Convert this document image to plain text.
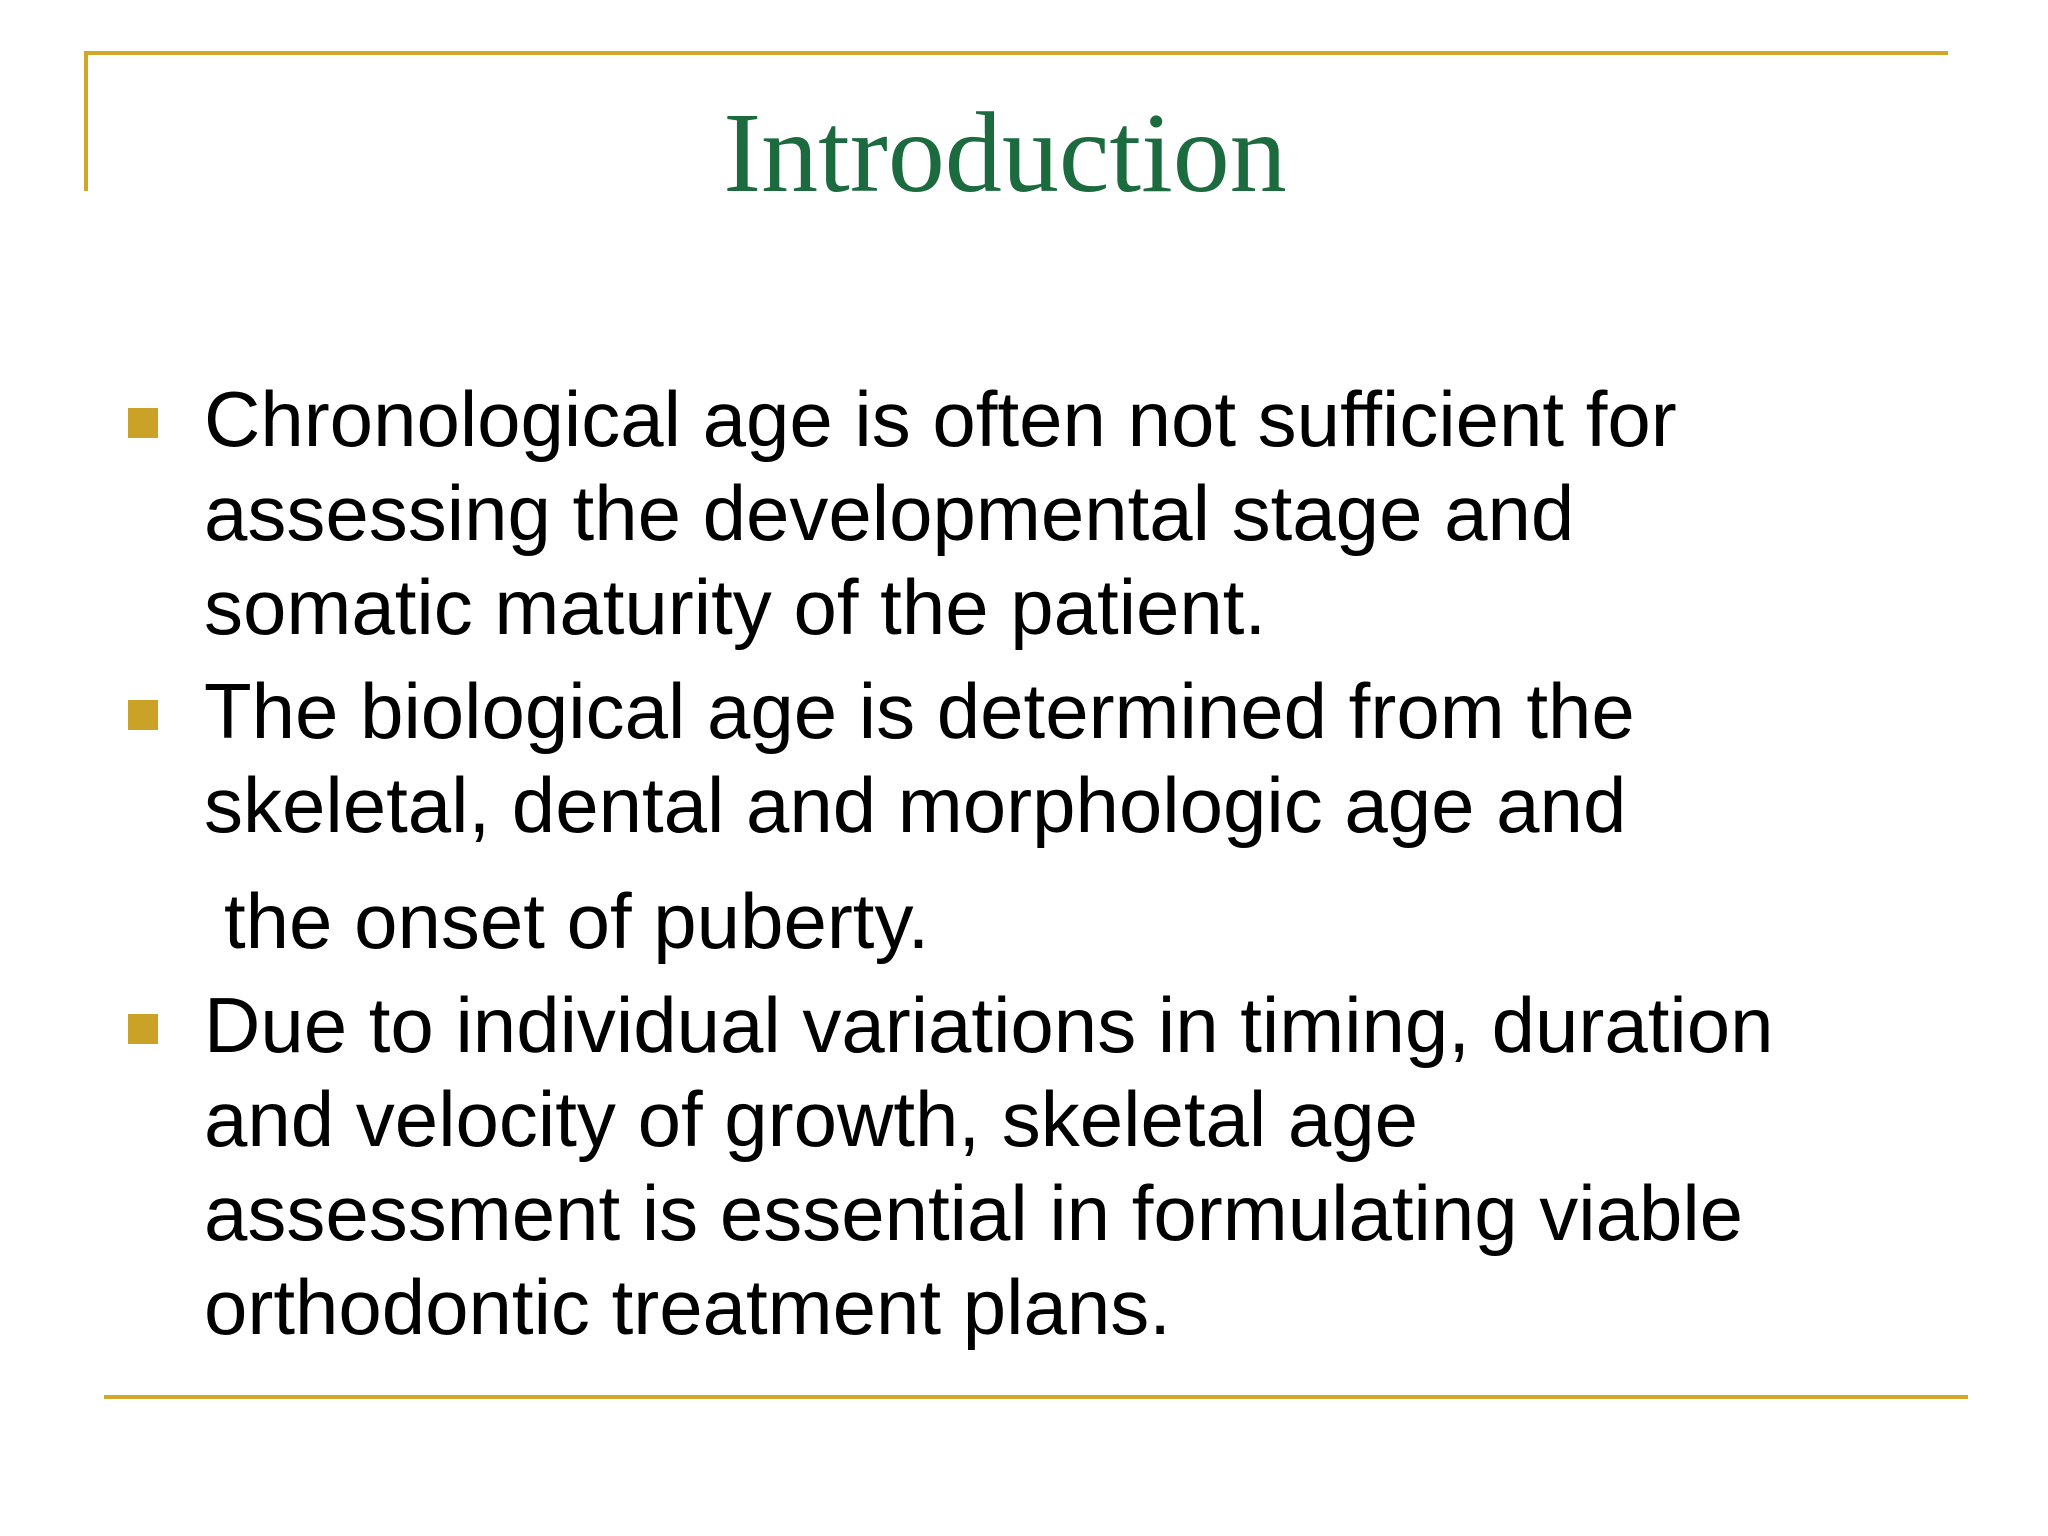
Introduction
Chronological age is often not sufficient for
assessing the developmental stage and
somatic maturity of the patient.
The biological age is determined from the
skeletal, dental and morphologic age and
the onset of puberty.
Due to individual variations in timing, duration
and velocity of growth, skeletal age
assessment is essential in formulating viable
orthodontic treatment plans.
